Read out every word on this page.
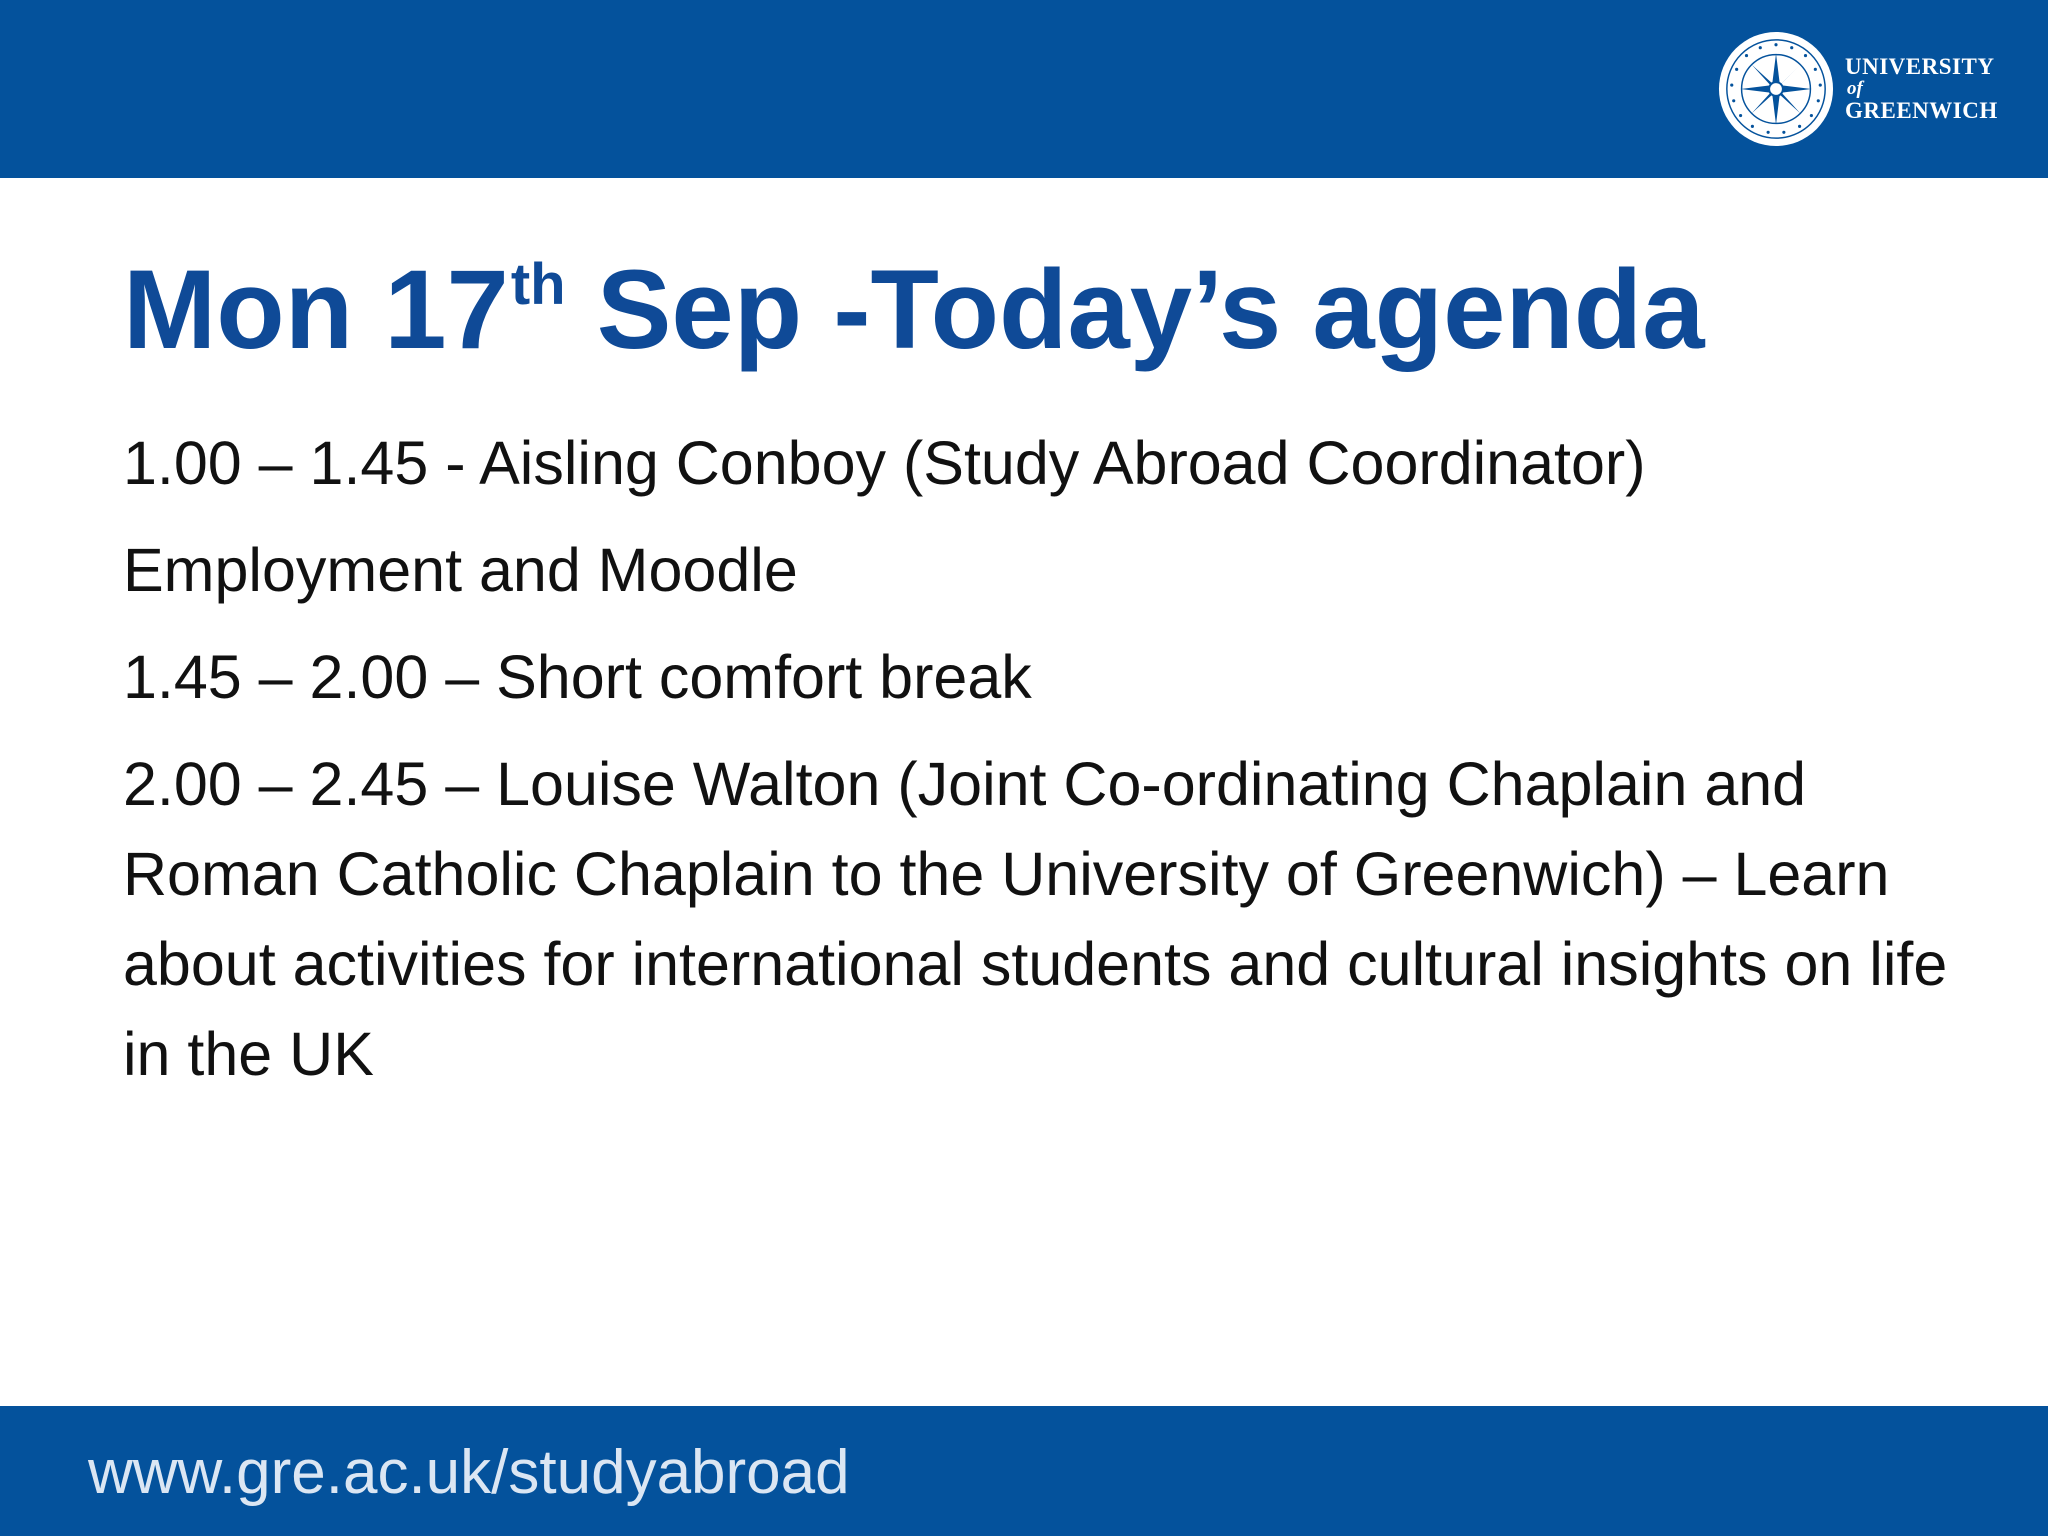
UNIVERSITY
of
GREENWICH
Mon 17th Sep -Today’s agenda
1.00 – 1.45 - Aisling Conboy (Study Abroad Coordinator)
Employment and Moodle
1.45 – 2.00 – Short comfort break
2.00 – 2.45 – Louise Walton (Joint Co-ordinating Chaplain and Roman Catholic Chaplain to the University of Greenwich) – Learn about activities for international students and cultural insights on life in the UK
www.gre.ac.uk/studyabroad
